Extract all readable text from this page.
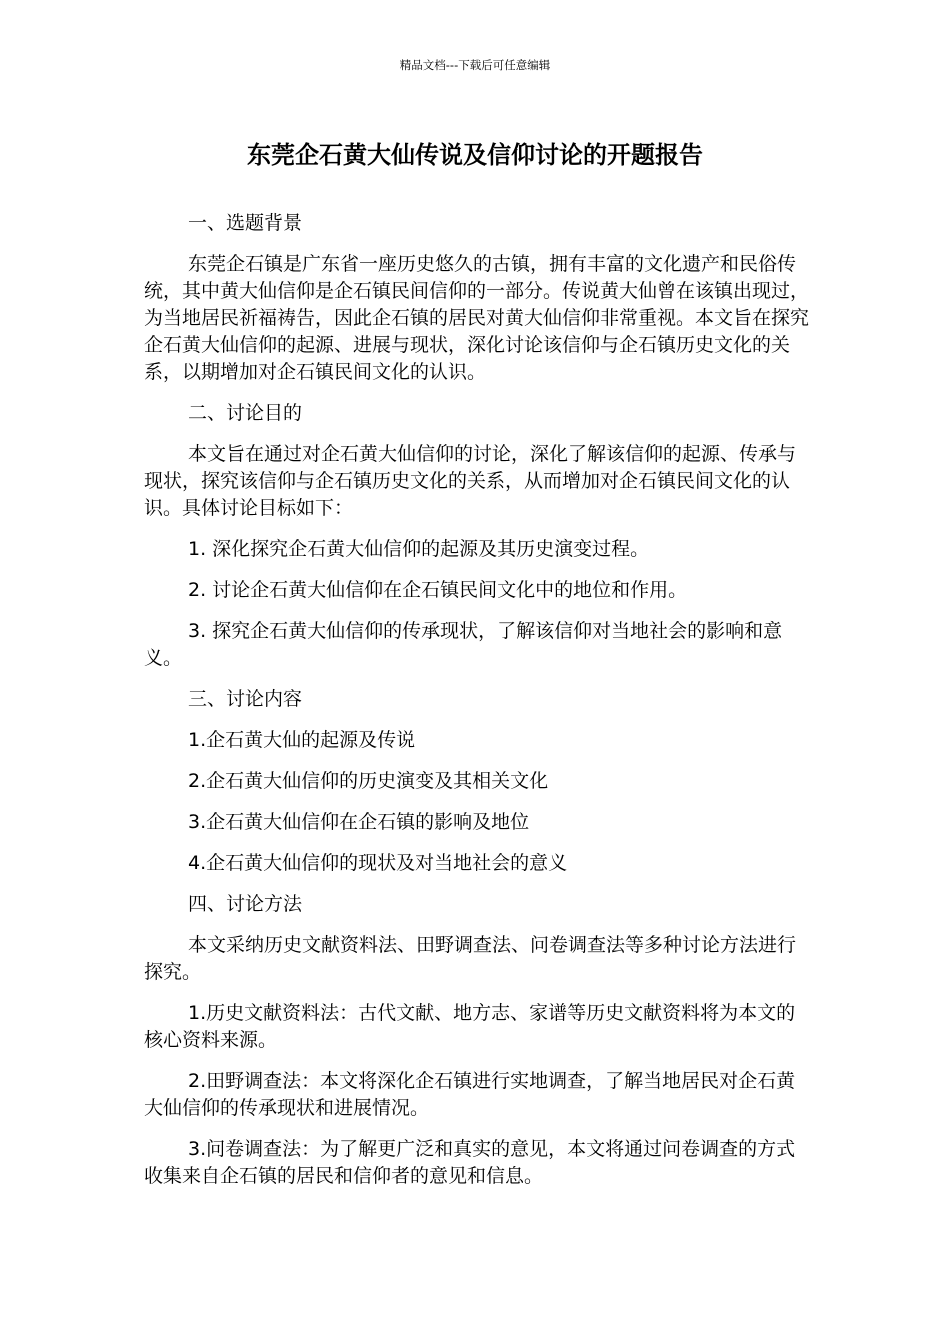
精品文档---下载后可任意编辑
东莞企石黄大仙传说及信仰讨论的开题报告

一、选题背景

东莞企石镇是广东省一座历史悠久的古镇，拥有丰富的文化遗产和民俗传统，其中黄大仙信仰是企石镇民间信仰的一部分。传说黄大仙曾在该镇出现过，为当地居民祈福祷告，因此企石镇的居民对黄大仙信仰非常重视。本文旨在探究企石黄大仙信仰的起源、进展与现状，深化讨论该信仰与企石镇历史文化的关系，以期增加对企石镇民间文化的认识。

二、讨论目的

本文旨在通过对企石黄大仙信仰的讨论，深化了解该信仰的起源、传承与现状，探究该信仰与企石镇历史文化的关系，从而增加对企石镇民间文化的认识。具体讨论目标如下：

1. 深化探究企石黄大仙信仰的起源及其历史演变过程。

2. 讨论企石黄大仙信仰在企石镇民间文化中的地位和作用。

3. 探究企石黄大仙信仰的传承现状，了解该信仰对当地社会的影响和意义。

三、讨论内容

1.企石黄大仙的起源及传说

2.企石黄大仙信仰的历史演变及其相关文化

3.企石黄大仙信仰在企石镇的影响及地位

4.企石黄大仙信仰的现状及对当地社会的意义

四、讨论方法

本文采纳历史文献资料法、田野调查法、问卷调查法等多种讨论方法进行探究。

1.历史文献资料法：古代文献、地方志、家谱等历史文献资料将为本文的核心资料来源。

2.田野调查法：本文将深化企石镇进行实地调查，了解当地居民对企石黄大仙信仰的传承现状和进展情况。

3.问卷调查法：为了解更广泛和真实的意见，本文将通过问卷调查的方式收集来自企石镇的居民和信仰者的意见和信息。
